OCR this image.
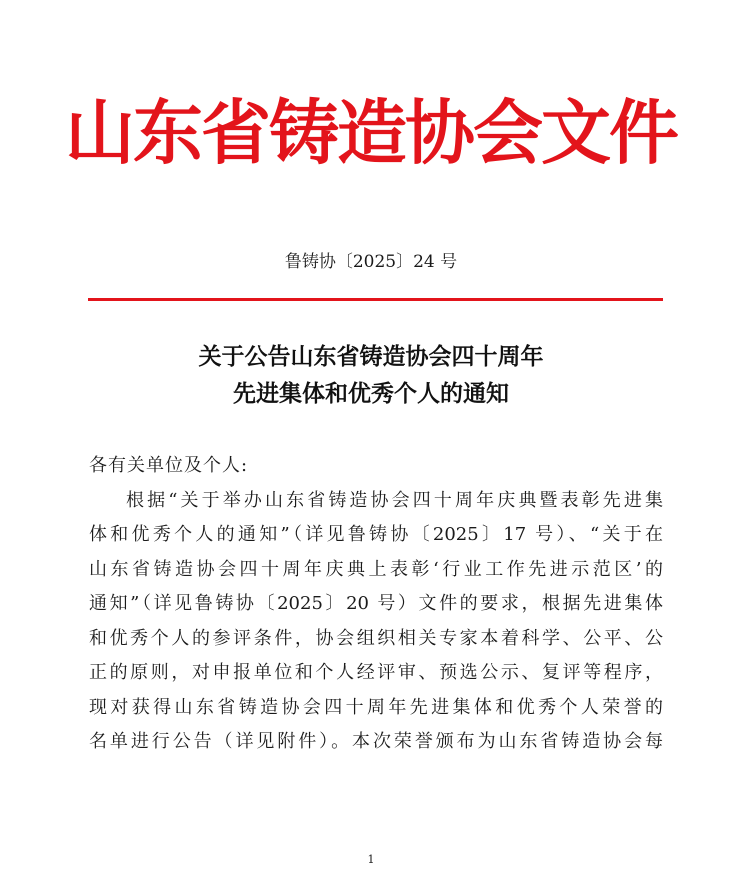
山东省铸造协会文件
鲁铸协〔2025〕24 号
关于公告山东省铸造协会四十周年
先进集体和优秀个人的通知
各有关单位及个人:
根据“关于举办山东省铸造协会四十周年庆典暨表彰先进集
体和优秀个人的通知”（详见鲁铸协〔2025〕17 号）、“关于在
山东省铸造协会四十周年庆典上表彰‘行业工作先进示范区’的
通知”（详见鲁铸协〔2025〕20 号）文件的要求，根据先进集体
和优秀个人的参评条件，协会组织相关专家本着科学、公平、公
正的原则，对申报单位和个人经评审、预选公示、复评等程序，
现对获得山东省铸造协会四十周年先进集体和优秀个人荣誉的
名单进行公告（详见附件）。本次荣誉颁布为山东省铸造协会每
1
